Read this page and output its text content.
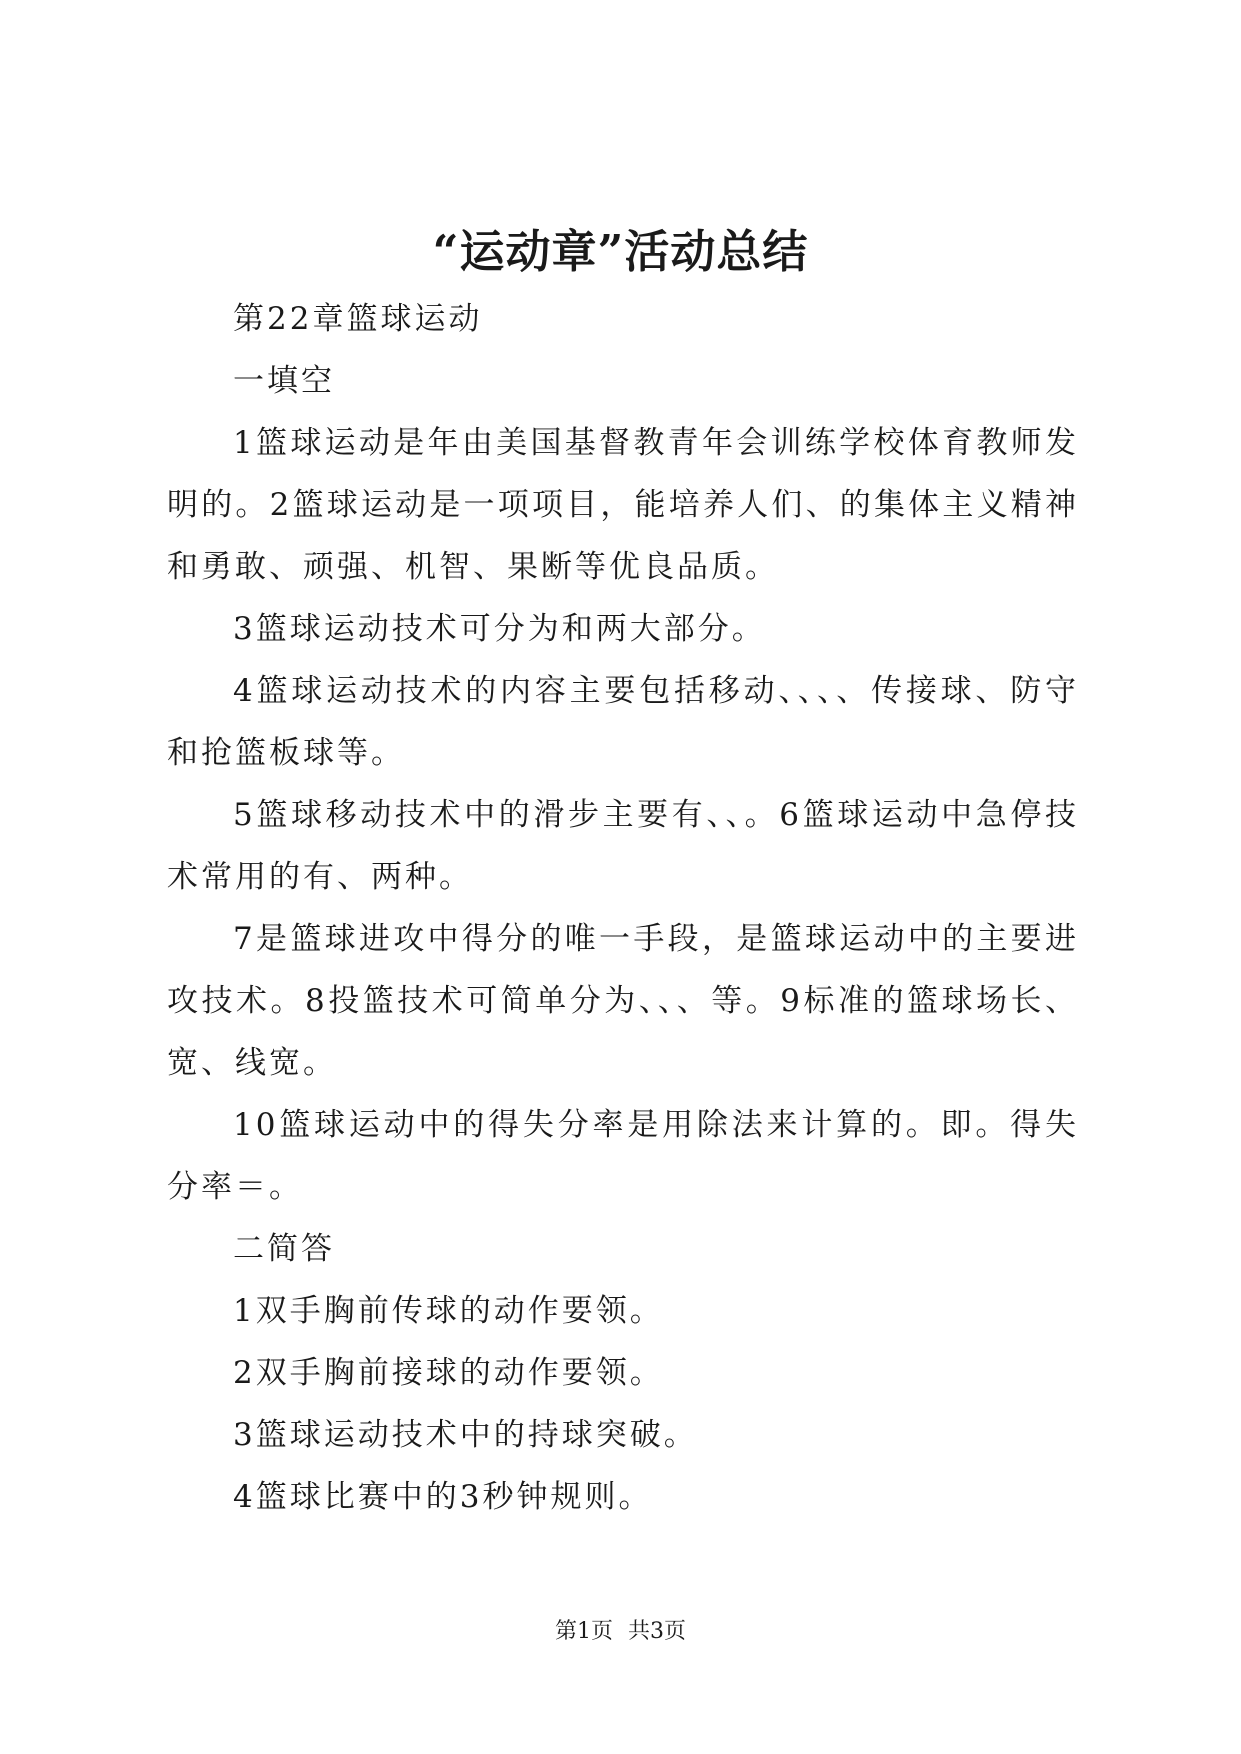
“运动章”活动总结

第22章篮球运动

一填空

1篮球运动是年由美国基督教青年会训练学校体育教师发明的。2篮球运动是一项项目，能培养人们、的集体主义精神和勇敢、顽强、机智、果断等优良品质。

3篮球运动技术可分为和两大部分。

4篮球运动技术的内容主要包括移动、、、、传接球、防守和抢篮板球等。

5篮球移动技术中的滑步主要有、、。6篮球运动中急停技术常用的有、两种。

7是篮球进攻中得分的唯一手段，是篮球运动中的主要进攻技术。8投篮技术可简单分为、、、等。9标准的篮球场长、宽、线宽。

10篮球运动中的得失分率是用除法来计算的。即。得失分率＝。

二简答

1双手胸前传球的动作要领。

2双手胸前接球的动作要领。

3篮球运动技术中的持球突破。

4篮球比赛中的3秒钟规则。

第1页 共3页
